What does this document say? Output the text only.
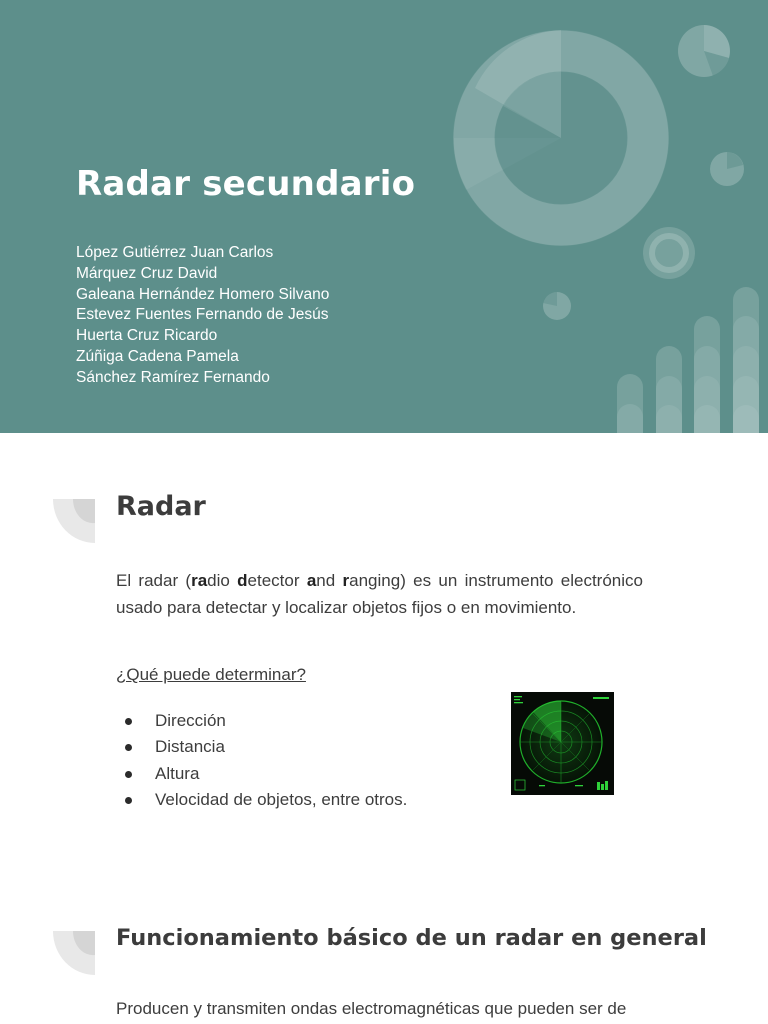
Radar secundario
López Gutiérrez Juan Carlos
Márquez Cruz David
Galeana Hernández Homero Silvano
Estevez Fuentes Fernando de Jesús
Huerta Cruz Ricardo
Zúñiga Cadena Pamela
Sánchez Ramírez Fernando
Radar

El radar (radio detector and ranging) es un instrumento electrónico usado para detectar y localizar objetos fijos o en movimiento.

¿Qué puede determinar?

Dirección
Distancia
Altura
Velocidad de objetos, entre otros.
Funcionamiento básico de un radar en general

Producen y transmiten ondas electromagnéticas que pueden ser de
